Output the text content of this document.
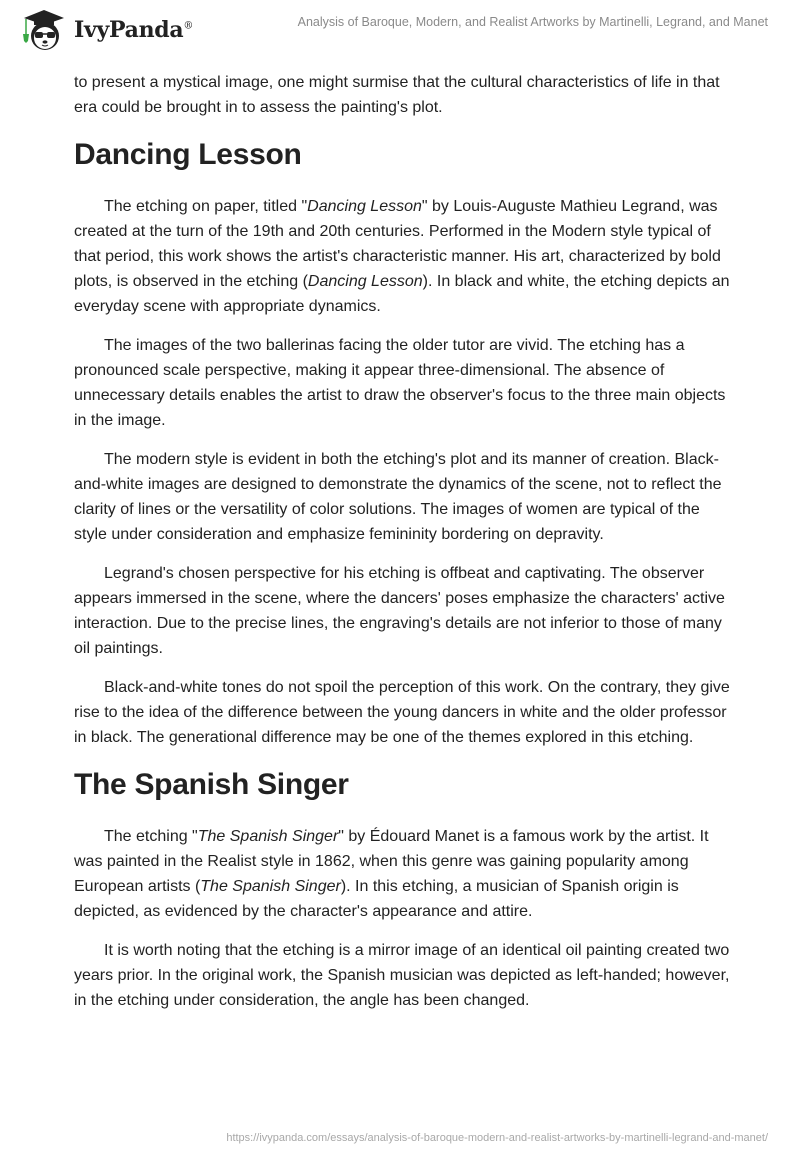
IvyPanda®	Analysis of Baroque, Modern, and Realist Artworks by Martinelli, Legrand, and Manet

to present a mystical image, one might surmise that the cultural characteristics of life in that era could be brought in to assess the painting's plot.

Dancing Lesson

The etching on paper, titled "Dancing Lesson" by Louis-Auguste Mathieu Legrand, was created at the turn of the 19th and 20th centuries. Performed in the Modern style typical of that period, this work shows the artist's characteristic manner. His art, characterized by bold plots, is observed in the etching (Dancing Lesson). In black and white, the etching depicts an everyday scene with appropriate dynamics.

The images of the two ballerinas facing the older tutor are vivid. The etching has a pronounced scale perspective, making it appear three-dimensional. The absence of unnecessary details enables the artist to draw the observer's focus to the three main objects in the image.

The modern style is evident in both the etching's plot and its manner of creation. Black-and-white images are designed to demonstrate the dynamics of the scene, not to reflect the clarity of lines or the versatility of color solutions. The images of women are typical of the style under consideration and emphasize femininity bordering on depravity.

Legrand's chosen perspective for his etching is offbeat and captivating. The observer appears immersed in the scene, where the dancers' poses emphasize the characters' active interaction. Due to the precise lines, the engraving's details are not inferior to those of many oil paintings.

Black-and-white tones do not spoil the perception of this work. On the contrary, they give rise to the idea of the difference between the young dancers in white and the older professor in black. The generational difference may be one of the themes explored in this etching.

The Spanish Singer

The etching "The Spanish Singer" by Édouard Manet is a famous work by the artist. It was painted in the Realist style in 1862, when this genre was gaining popularity among European artists (The Spanish Singer). In this etching, a musician of Spanish origin is depicted, as evidenced by the character's appearance and attire.

It is worth noting that the etching is a mirror image of an identical oil painting created two years prior. In the original work, the Spanish musician was depicted as left-handed; however, in the etching under consideration, the angle has been changed.

https://ivypanda.com/essays/analysis-of-baroque-modern-and-realist-artworks-by-martinelli-legrand-and-manet/
